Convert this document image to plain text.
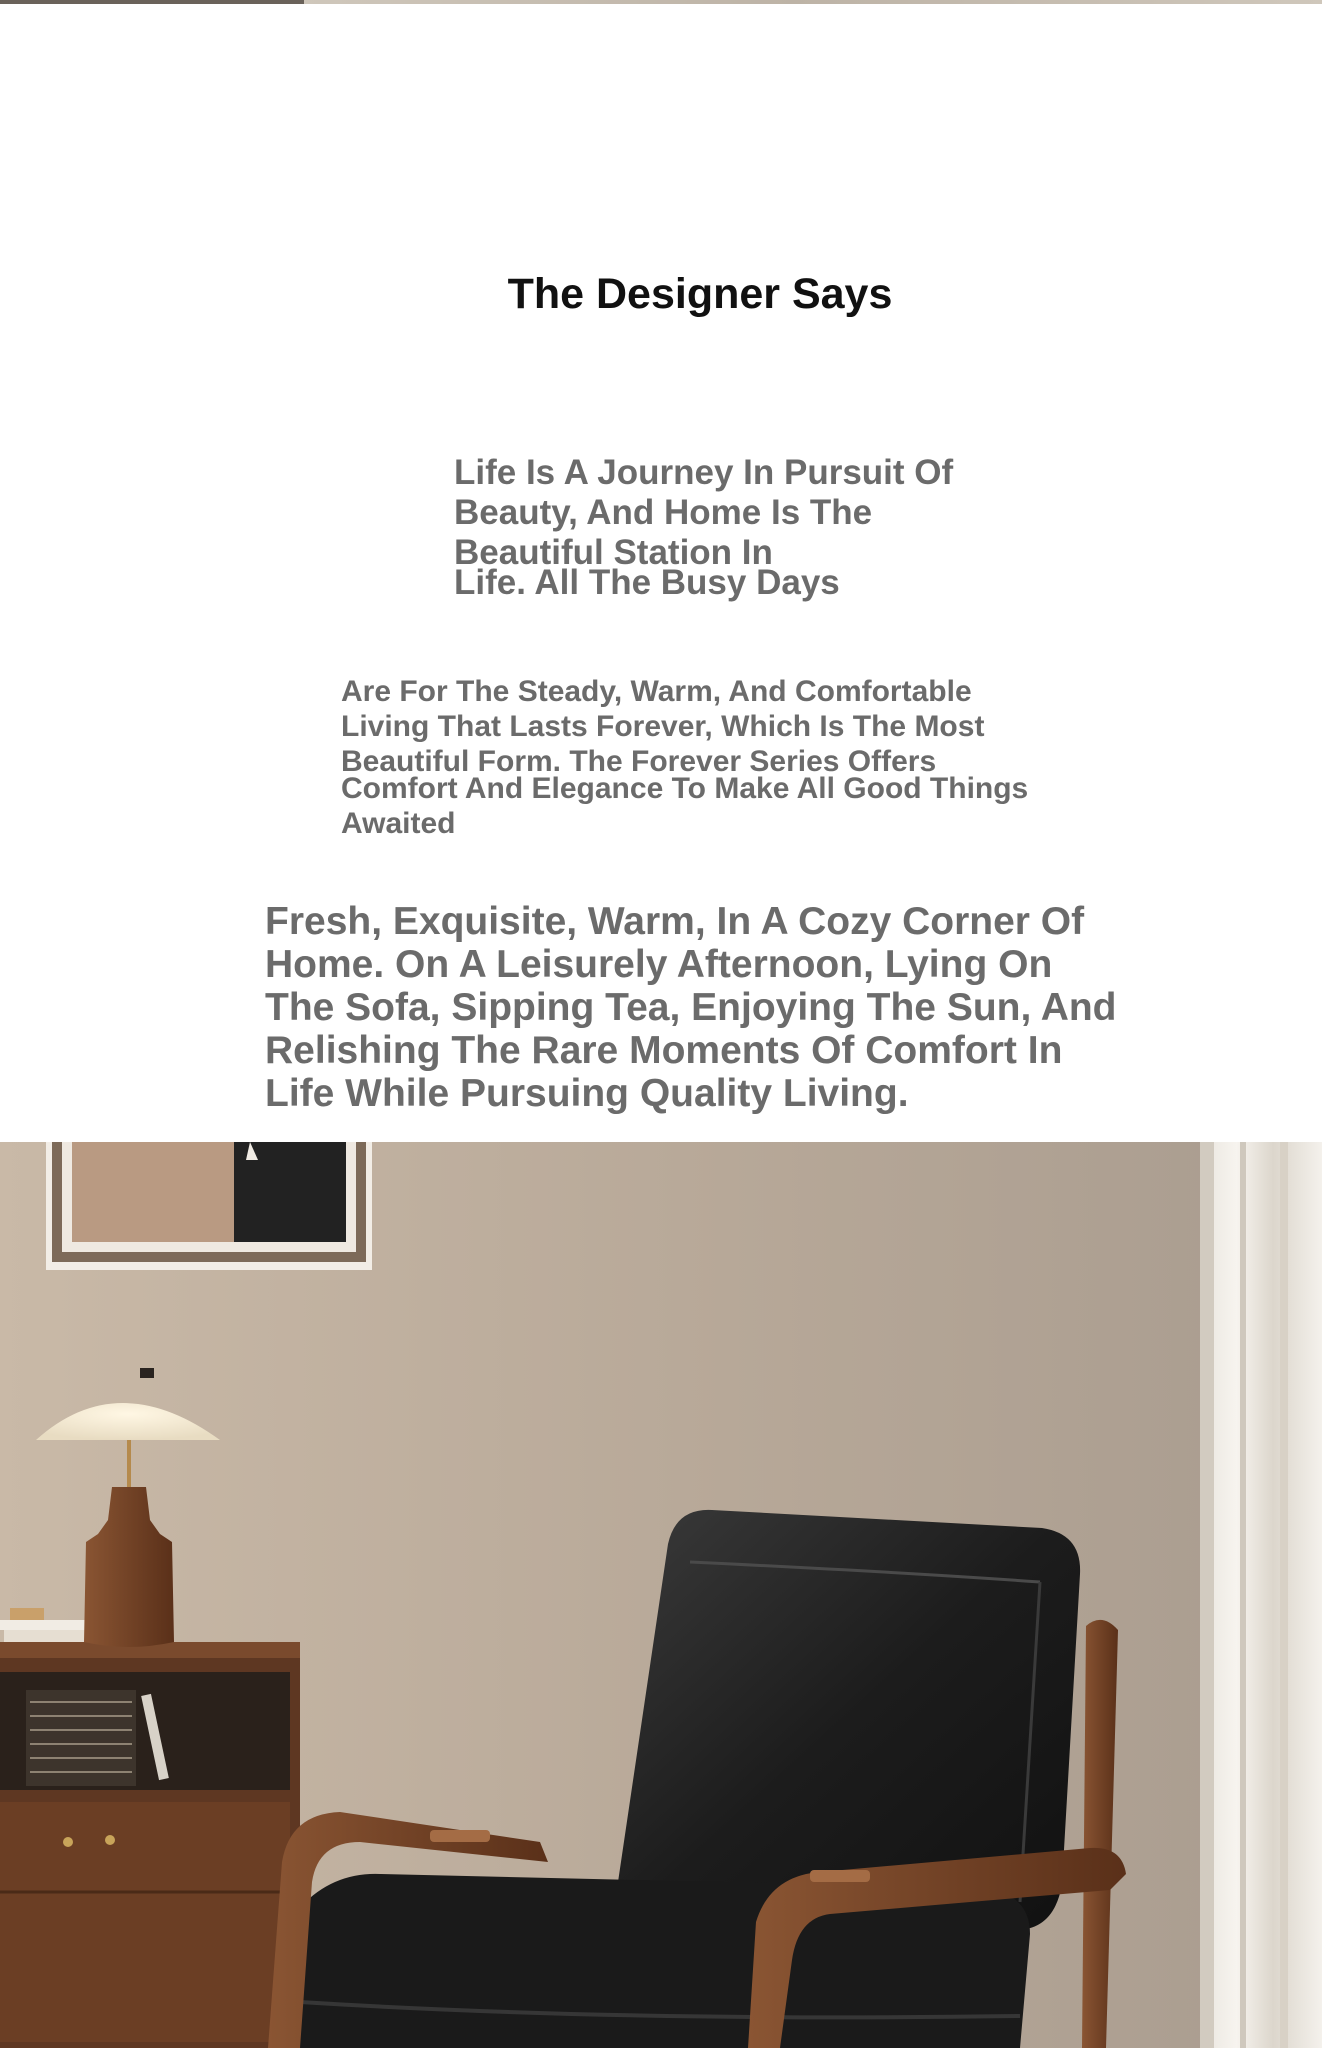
The Designer Says

Life Is A Journey In Pursuit Of Beauty, And Home Is The Beautiful Station In

Life. All The Busy Days

Are For The Steady, Warm, And Comfortable Living That Lasts Forever, Which Is The Most Beautiful Form. The Forever Series Offers

Comfort And Elegance To Make All Good Things Awaited

Fresh, Exquisite, Warm, In A Cozy Corner Of Home. On A Leisurely Afternoon, Lying On The Sofa, Sipping Tea, Enjoying The Sun, And Relishing The Rare Moments Of Comfort In Life While Pursuing Quality Living.
